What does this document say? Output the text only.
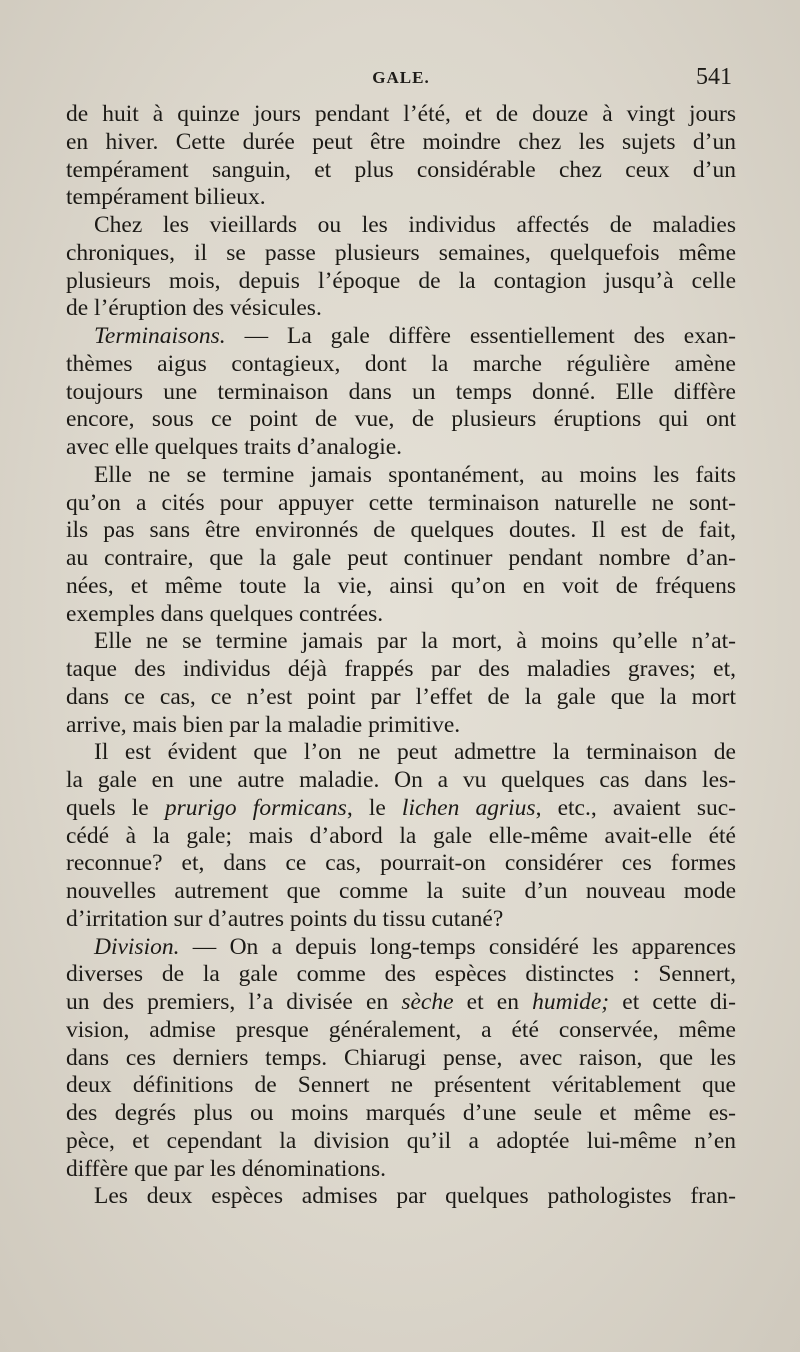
GALE.	541
de huit à quinze jours pendant l’été, et de douze à vingt jours
en hiver. Cette durée peut être moindre chez les sujets d’un
tempérament sanguin, et plus considérable chez ceux d’un
tempérament bilieux.
Chez les vieillards ou les individus affectés de maladies
chroniques, il se passe plusieurs semaines, quelquefois même
plusieurs mois, depuis l’époque de la contagion jusqu’à celle
de l’éruption des vésicules.
Terminaisons. — La gale diffère essentiellement des exan-
thèmes aigus contagieux, dont la marche régulière amène
toujours une terminaison dans un temps donné. Elle diffère
encore, sous ce point de vue, de plusieurs éruptions qui ont
avec elle quelques traits d’analogie.
Elle ne se termine jamais spontanément, au moins les faits
qu’on a cités pour appuyer cette terminaison naturelle ne sont-
ils pas sans être environnés de quelques doutes. Il est de fait,
au contraire, que la gale peut continuer pendant nombre d’an-
nées, et même toute la vie, ainsi qu’on en voit de fréquens
exemples dans quelques contrées.
Elle ne se termine jamais par la mort, à moins qu’elle n’at-
taque des individus déjà frappés par des maladies graves; et,
dans ce cas, ce n’est point par l’effet de la gale que la mort
arrive, mais bien par la maladie primitive.
Il est évident que l’on ne peut admettre la terminaison de
la gale en une autre maladie. On a vu quelques cas dans les-
quels le prurigo formicans, le lichen agrius, etc., avaient suc-
cédé à la gale; mais d’abord la gale elle-même avait-elle été
reconnue? et, dans ce cas, pourrait-on considérer ces formes
nouvelles autrement que comme la suite d’un nouveau mode
d’irritation sur d’autres points du tissu cutané?
Division. — On a depuis long-temps considéré les apparences
diverses de la gale comme des espèces distinctes : Sennert,
un des premiers, l’a divisée en sèche et en humide; et cette di-
vision, admise presque généralement, a été conservée, même
dans ces derniers temps. Chiarugi pense, avec raison, que les
deux définitions de Sennert ne présentent véritablement que
des degrés plus ou moins marqués d’une seule et même es-
pèce, et cependant la division qu’il a adoptée lui-même n’en
diffère que par les dénominations.
Les deux espèces admises par quelques pathologistes fran-
